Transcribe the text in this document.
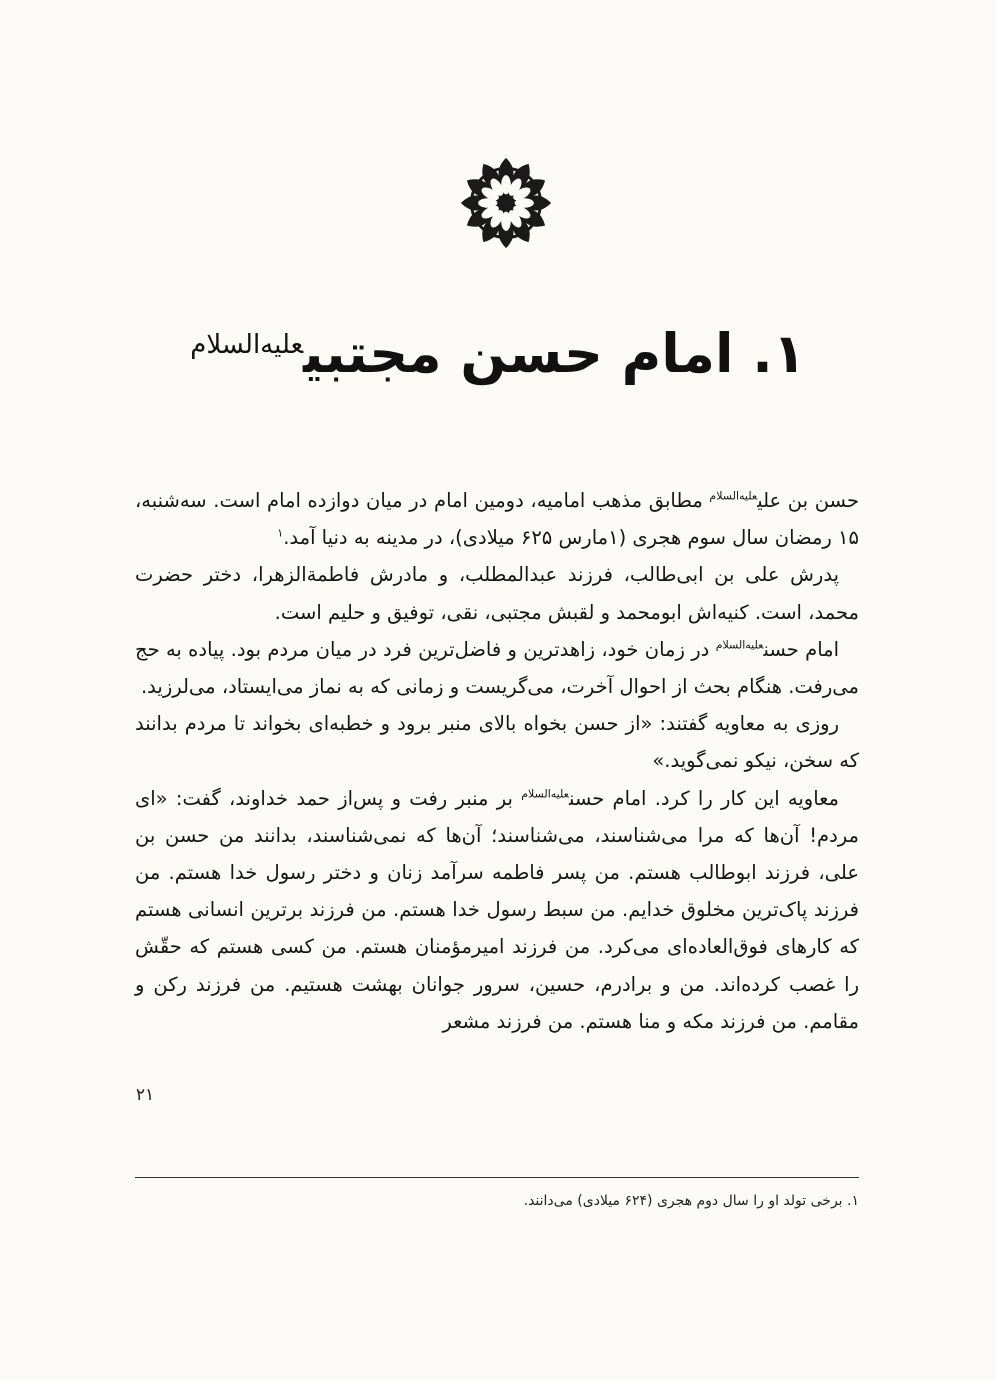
۱. امام حسن مجتبی$^{علیه‌السلام}$

حسن بن علی$^{علیه‌السلام}$ مطابق مذهب امامیه، دومین امام در میان دوازده امام است. سه‌شنبه، ۱۵ رمضان سال سوم هجری (۱مارس ۶۲۵ میلادی)، در مدینه به دنیا آمد.$^۱$

پدرش علی بن ابی‌طالب، فرزند عبدالمطلب، و مادرش فاطمة‌الزهرا، دختر حضرت محمد، است. کنیه‌اش ابومحمد و لقبش مجتبی، نقی، توفیق و حلیم است.

امام حسن$^{علیه‌السلام}$ در زمان خود، زاهدترین و فاضل‌ترین فرد در میان مردم بود. پیاده به حج می‌رفت. هنگام بحث از احوال آخرت، می‌گریست و زمانی که به نماز می‌ایستاد، می‌لرزید.

روزی به معاویه گفتند: «از حسن بخواه بالای منبر برود و خطبه‌ای بخواند تا مردم بدانند که سخن، نیکو نمی‌گوید.»

معاویه این کار را کرد. امام حسن$^{علیه‌السلام}$ بر منبر رفت و پس‌از حمد خداوند، گفت: «ای مردم! آن‌ها که مرا می‌شناسند، می‌شناسند؛ آن‌ها که نمی‌شناسند، بدانند من حسن بن علی، فرزند ابوطالب هستم. من پسر فاطمه سرآمد زنان و دختر رسول خدا هستم. من فرزند پاک‌ترین مخلوق خدایم. من سبط رسول خدا هستم. من فرزند برترین انسانی هستم که کارهای فوق‌العاده‌ای می‌کرد. من فرزند امیرمؤمنان هستم. من کسی هستم که حقّش را غصب کرده‌اند. من و برادرم، حسین، سرور جوانان بهشت هستیم. من فرزند رکن و مقامم. من فرزند مکه و منا هستم. من فرزند مشعر

۱. برخی تولد او را سال دوم هجری (۶۲۴ میلادی) می‌دانند.
۲۱
